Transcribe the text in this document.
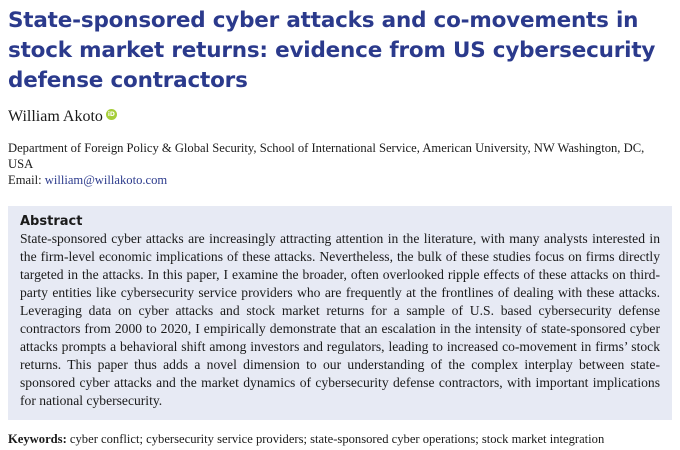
State-sponsored cyber attacks and co-movements in stock market returns: evidence from US cybersecurity defense contractors
William Akoto iD
Department of Foreign Policy & Global Security, School of International Service, American University, NW Washington, DC, USA
Email: william@willakoto.com
Abstract

State-sponsored cyber attacks are increasingly attracting attention in the literature, with many analysts interested in the firm-level economic implications of these attacks. Nevertheless, the bulk of these studies focus on firms directly targeted in the attacks. In this paper, I examine the broader, often overlooked ripple effects of these attacks on third-party entities like cybersecurity service providers who are frequently at the frontlines of dealing with these attacks. Leveraging data on cyber attacks and stock market returns for a sample of U.S. based cybersecurity defense contractors from 2000 to 2020, I empirically demonstrate that an escalation in the intensity of state-sponsored cyber attacks prompts a behavioral shift among investors and regulators, leading to increased co-movement in firms’ stock returns. This paper thus adds a novel dimension to our understanding of the complex interplay between state-sponsored cyber attacks and the market dynamics of cybersecurity defense contractors, with important implications for national cybersecurity.

Keywords: cyber conflict; cybersecurity service providers; state-sponsored cyber operations; stock market integration
